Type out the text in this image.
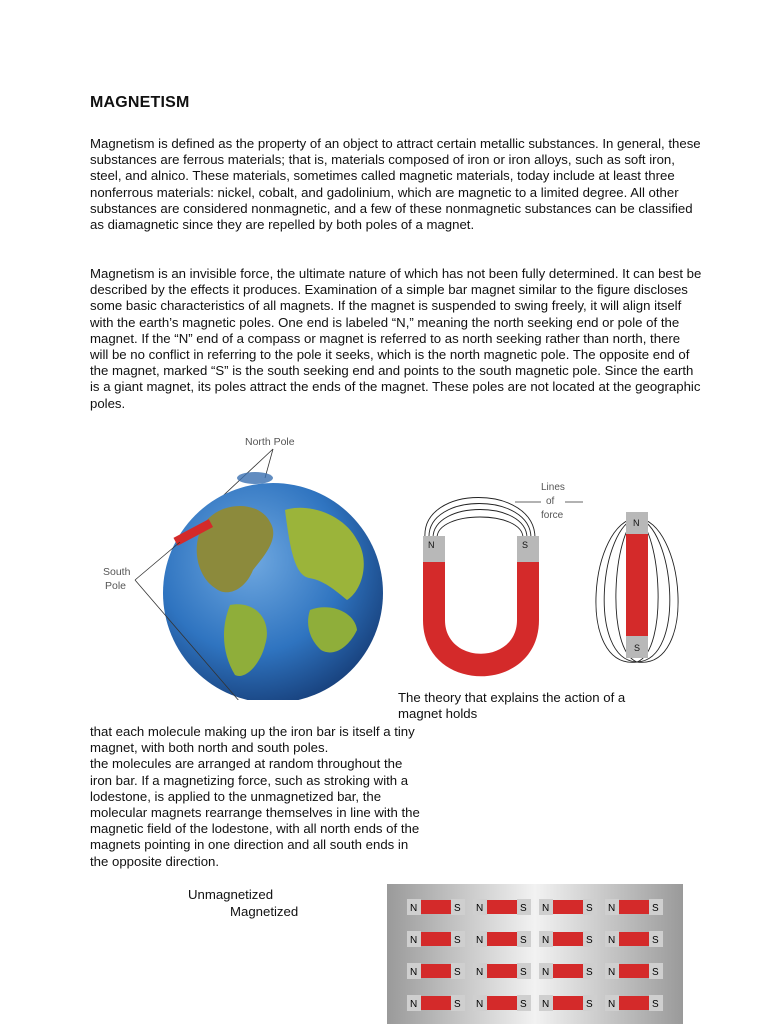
MAGNETISM

Magnetism is defined as the property of an object to attract certain metallic substances. In general, these substances are ferrous materials; that is, materials composed of iron or iron alloys, such as soft iron, steel, and alnico. These materials, sometimes called magnetic materials, today include at least three nonferrous materials: nickel, cobalt, and gadolinium, which are magnetic to a limited degree. All other substances are considered nonmagnetic, and a few of these nonmagnetic substances can be classified as diamagnetic since they are repelled by both poles of a magnet.

Magnetism is an invisible force, the ultimate nature of which has not been fully determined. It can best be described by the effects it produces. Examination of a simple bar magnet similar to the figure discloses some basic characteristics of all magnets. If the magnet is suspended to swing freely, it will align itself with the earth’s magnetic poles. One end is labeled “N,” meaning the north seeking end or pole of the magnet. If the “N” end of a compass or magnet is referred to as north seeking rather than north, there will be no conflict in referring to the pole it seeks, which is the north magnetic pole. The opposite end of the magnet, marked “S” is the south seeking end and points to the south magnetic pole. Since the earth is a giant magnet, its poles attract the ends of the magnet. These poles are not located at the geographic poles.

North Pole
South
Pole
N	S
Lines
of
force
N
S
The theory that explains the action of a magnet holds

that each molecule making up the iron bar is itself a tiny magnet, with both north and south poles.

the molecules are arranged at random throughout the iron bar. If a magnetizing force, such as stroking with a lodestone, is applied to the unmagnetized bar, the molecular magnets rearrange themselves in line with the magnetic field of the lodestone, with all north ends of the magnets pointing in one direction and all south ends in the opposite direction.

Unmagnetized
Magnetized	N	S N	S N	S N	S
N	S N	S N	S N	S
N	S N	S N	S N	S
N	S N	S N	S N	S
